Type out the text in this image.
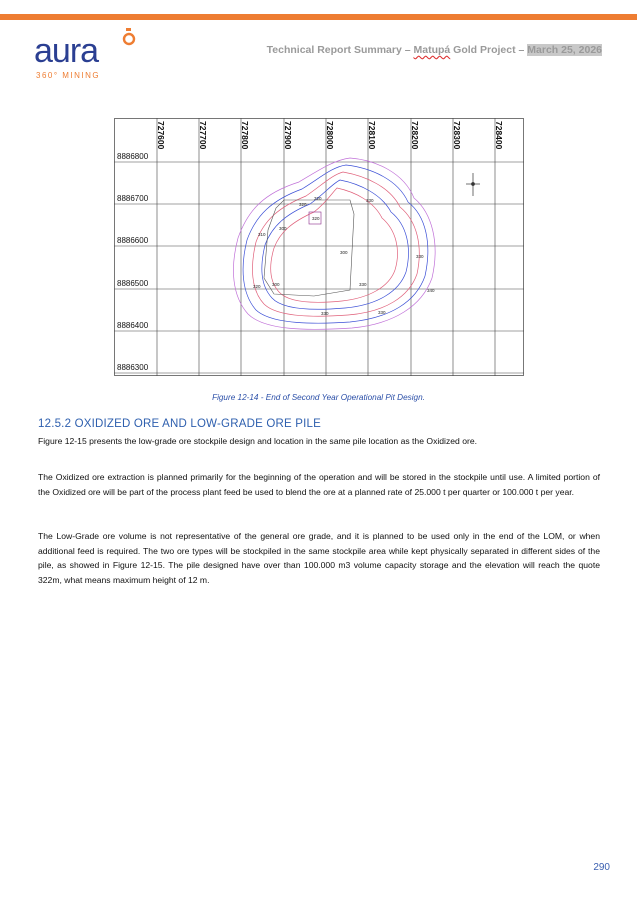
aura
360° MINING
Technical Report Summary – Matupá Gold Project – March 25, 2026
727600	727700	727800	727900	728000	728100	728200	728300	728400
8886800
8886700
8886600
8886500
8886400
8886300
320
320
330
310
300
300
330
320	300	330
340
330	330
320
Figure 12-14 - End of Second Year Operational Pit Design.
12.5.2 OXIDIZED ORE AND LOW-GRADE ORE PILE

Figure 12-15 presents the low-grade ore stockpile design and location in the same pile location as the Oxidized ore.

The Oxidized ore extraction is planned primarily for the beginning of the operation and will be stored in the stockpile until use. A limited portion of the Oxidized ore will be part of the process plant feed be used to blend the ore at a planned rate of 25.000 t per quarter or 100.000 t per year.

The Low-Grade ore volume is not representative of the general ore grade, and it is planned to be used only in the end of the LOM, or when additional feed is required. The two ore types will be stockpiled in the same stockpile area while kept physically separated in different sides of the pile, as showed in Figure 12-15. The pile designed have over than 100.000 m3 volume capacity storage and the elevation will reach the quote 322m, what means maximum height of 12 m.

290
